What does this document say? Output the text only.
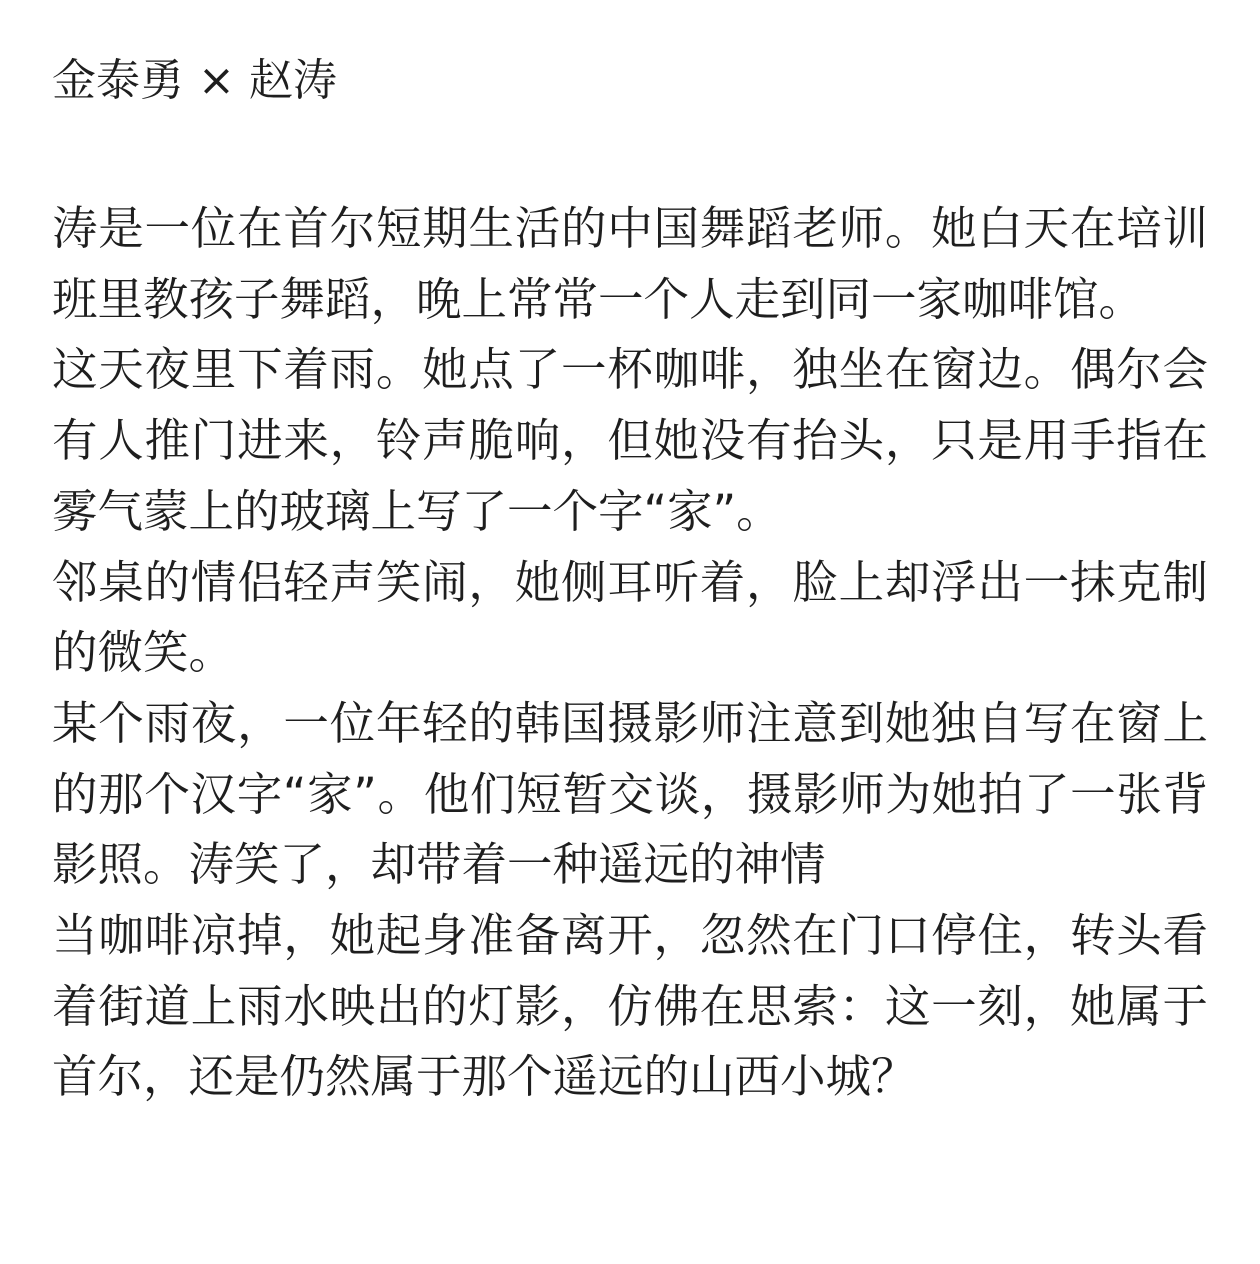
金泰勇 × 赵涛

涛是一位在首尔短期生活的中国舞蹈老师。她白天在培训班里教孩子舞蹈，晚上常常一个人走到同一家咖啡馆。

这天夜里下着雨。她点了一杯咖啡，独坐在窗边。偶尔会有人推门进来，铃声脆响，但她没有抬头，只是用手指在雾气蒙上的玻璃上写了一个字“家”。

邻桌的情侣轻声笑闹，她侧耳听着，脸上却浮出一抹克制的微笑。

某个雨夜，一位年轻的韩国摄影师注意到她独自写在窗上的那个汉字“家”。他们短暂交谈，摄影师为她拍了一张背影照。涛笑了，却带着一种遥远的神情

当咖啡凉掉，她起身准备离开，忽然在门口停住，转头看着街道上雨水映出的灯影，仿佛在思索：这一刻，她属于首尔，还是仍然属于那个遥远的山西小城？
